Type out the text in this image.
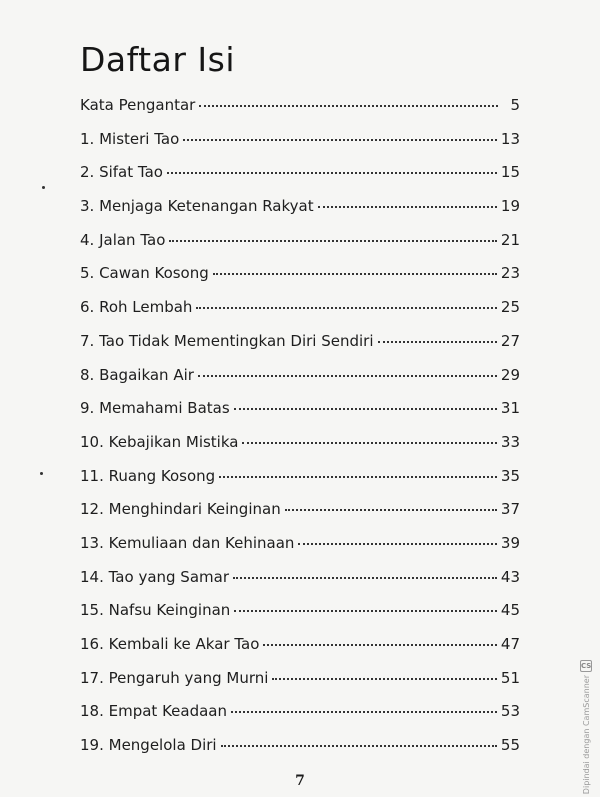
Daftar Isi
Kata Pengantar	5
1. Misteri Tao	13
2. Sifat Tao	15
3. Menjaga Ketenangan Rakyat	19
4. Jalan Tao	21
5. Cawan Kosong	23
6. Roh Lembah	25
7. Tao Tidak Mementingkan Diri Sendiri	27
8. Bagaikan Air	29
9. Memahami Batas	31
10. Kebajikan Mistika	33
11. Ruang Kosong	35
12. Menghindari Keinginan	37
13. Kemuliaan dan Kehinaan	39
14. Tao yang Samar	43
15. Nafsu Keinginan	45
16. Kembali ke Akar Tao	47
17. Pengaruh yang Murni	51
18. Empat Keadaan	53
19. Mengelola Diri	55
7
CS
Dipindai dengan CamScanner
